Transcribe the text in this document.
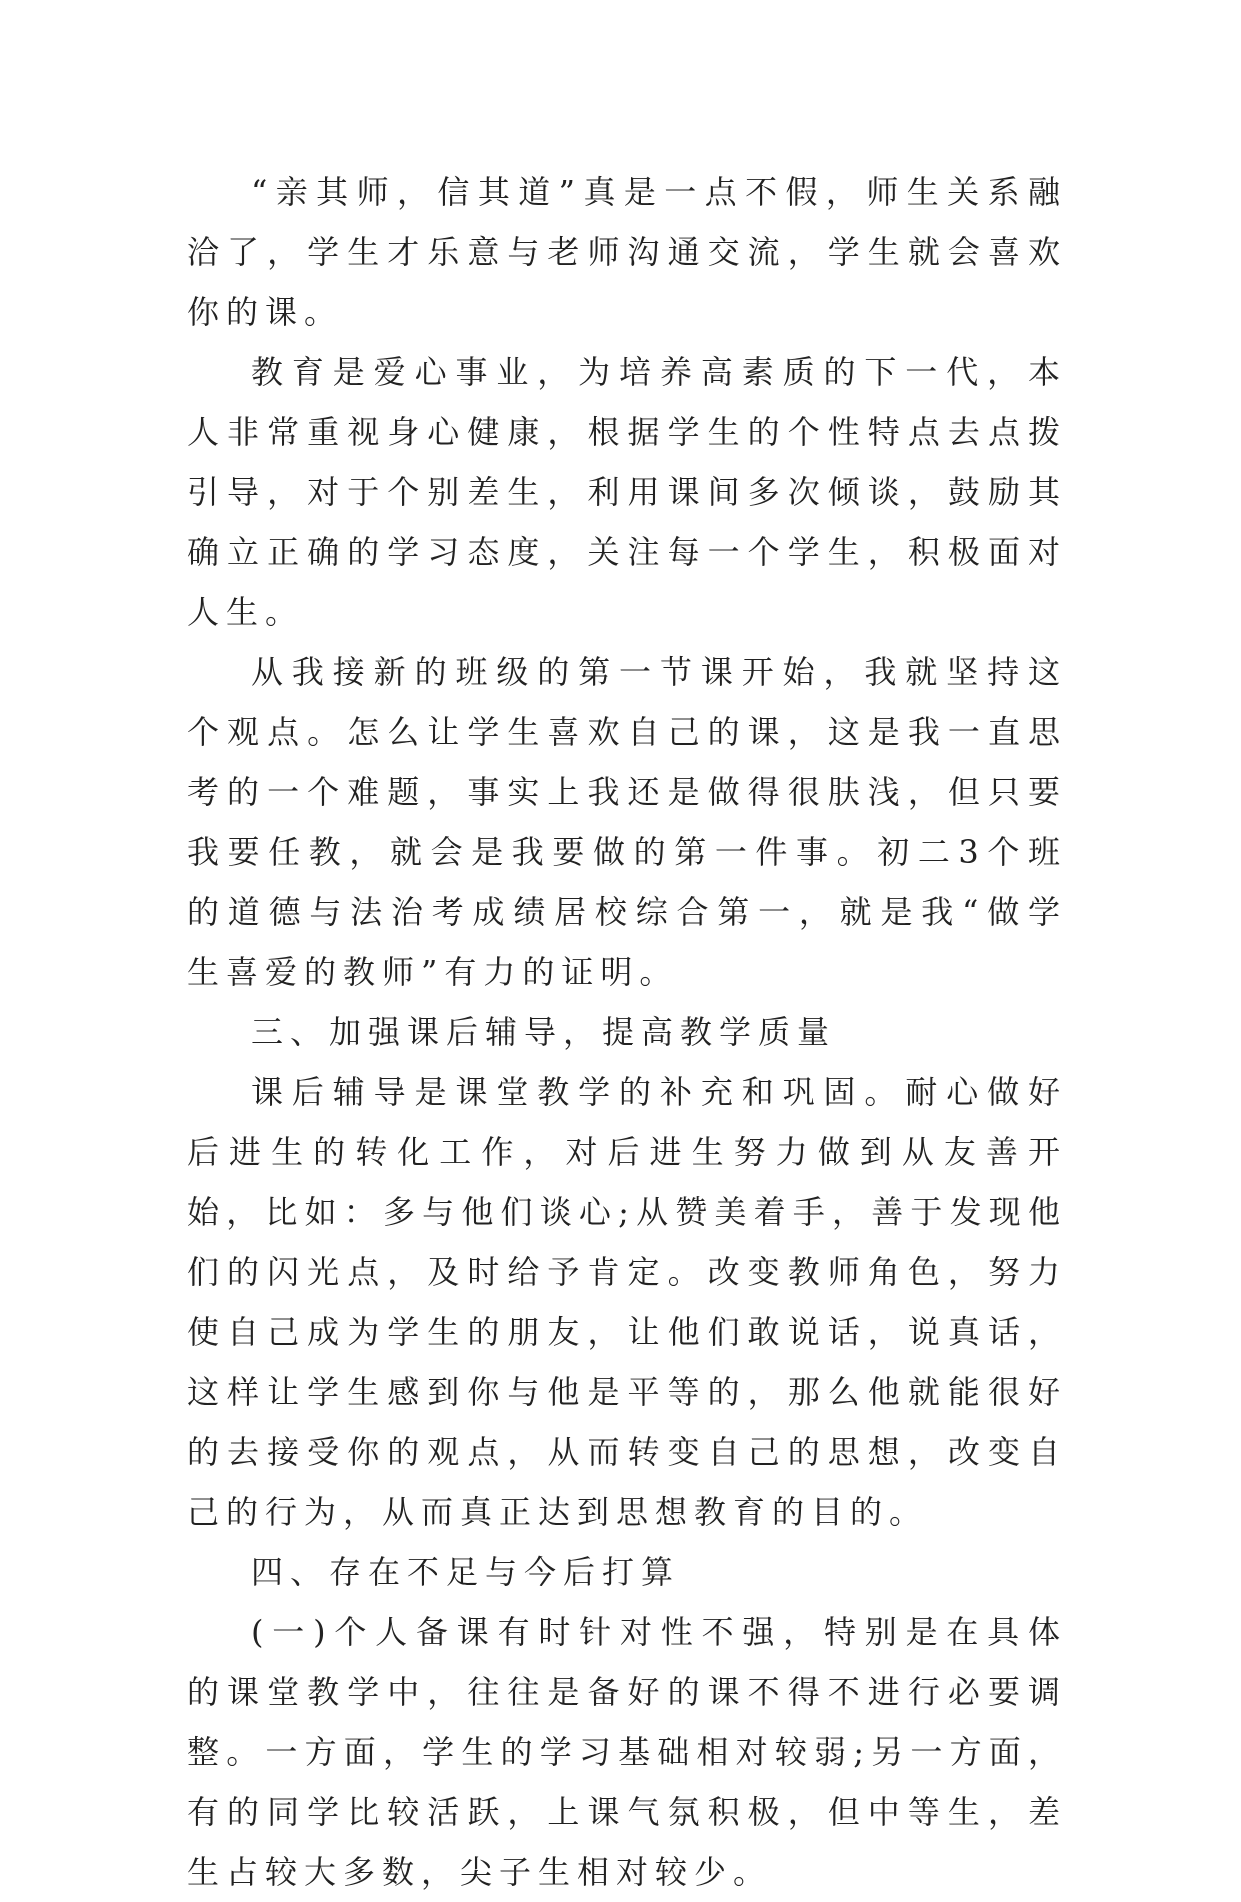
“亲其师，信其道”真是一点不假，师生关系融洽了，学生才乐意与老师沟通交流，学生就会喜欢你的课。

教育是爱心事业，为培养高素质的下一代，本人非常重视身心健康，根据学生的个性特点去点拨引导，对于个别差生，利用课间多次倾谈，鼓励其确立正确的学习态度，关注每一个学生，积极面对人生。

从我接新的班级的第一节课开始，我就坚持这个观点。怎么让学生喜欢自己的课，这是我一直思考的一个难题，事实上我还是做得很肤浅，但只要我要任教，就会是我要做的第一件事。初二3个班的道德与法治考成绩居校综合第一，就是我“做学生喜爱的教师”有力的证明。

三、加强课后辅导，提高教学质量

课后辅导是课堂教学的补充和巩固。耐心做好后进生的转化工作，对后进生努力做到从友善开始，比如：多与他们谈心;从赞美着手，善于发现他们的闪光点，及时给予肯定。改变教师角色，努力使自己成为学生的朋友，让他们敢说话，说真话，这样让学生感到你与他是平等的，那么他就能很好的去接受你的观点，从而转变自己的思想，改变自己的行为，从而真正达到思想教育的目的。

四、存在不足与今后打算

(一)个人备课有时针对性不强，特别是在具体的课堂教学中，往往是备好的课不得不进行必要调整。一方面，学生的学习基础相对较弱;另一方面，有的同学比较活跃，上课气氛积极，但中等生，差生占较大多数，尖子生相对较少。
